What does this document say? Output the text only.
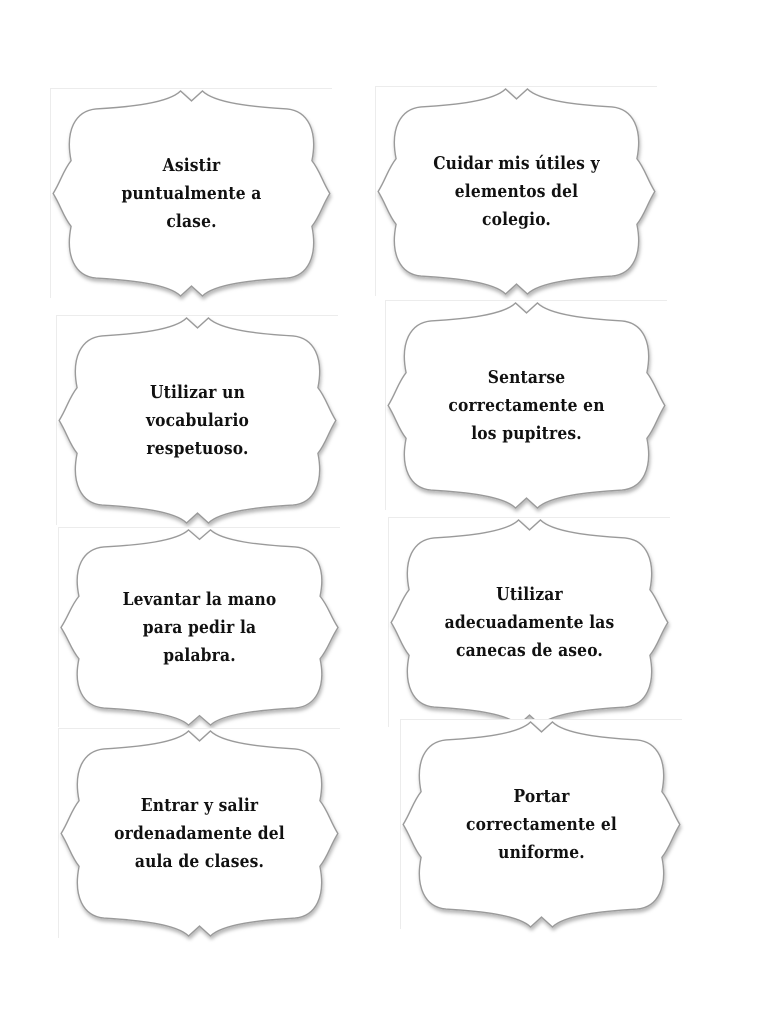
Asistir puntualmente a clase.
Cuidar mis útiles y elementos del colegio.
Utilizar un vocabulario respetuoso.
Sentarse correctamente en los pupitres.
Levantar la mano para pedir la palabra.
Utilizar adecuadamente las canecas de aseo.
Entrar y salir ordenadamente del aula de clases.
Portar correctamente el uniforme.
